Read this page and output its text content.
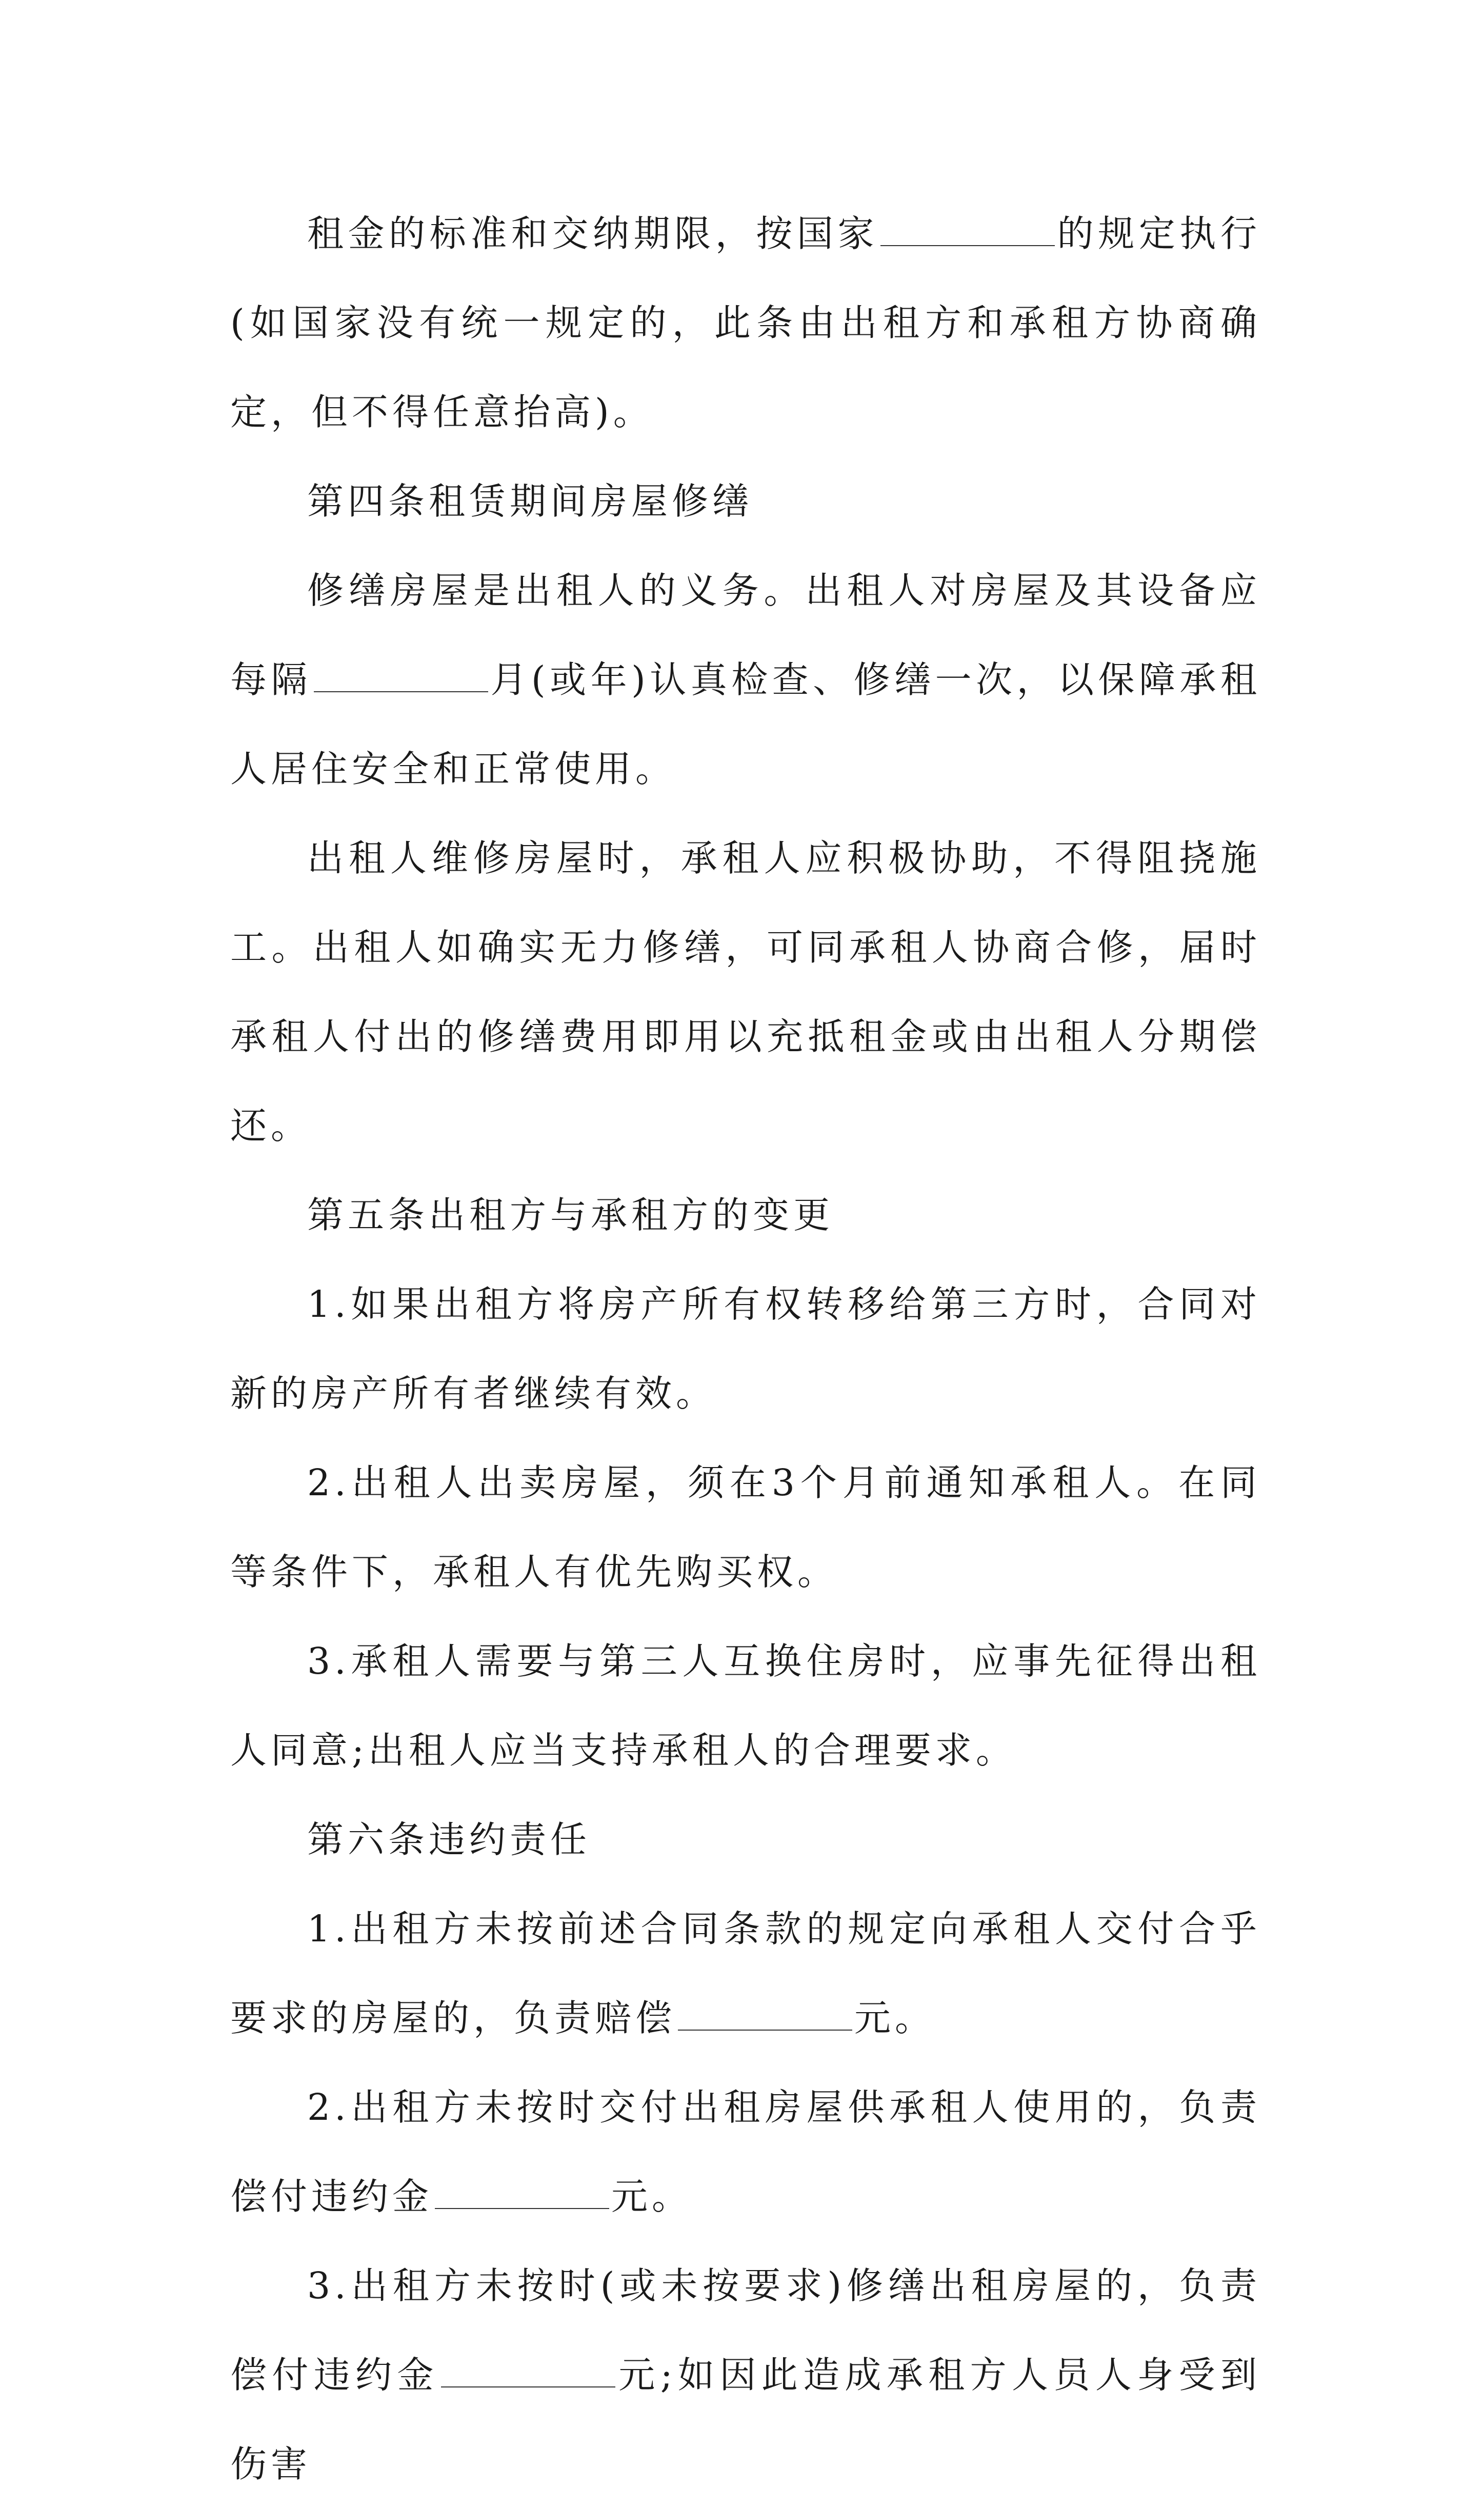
租金的标准和交纳期限，按国家	的规定执行(如国家没有统一规定的，此条由出租方和承租方协商确定，但不得任意抬高)。

第四条租赁期间房屋修缮

修缮房屋是出租人的义务。出租人对房屋及其设备应每隔	月(或年)认真检查、修缮一次，以保障承租人居住安全和正常使用。

出租人维修房屋时，承租人应积极协助，不得阻挠施工。出租人如确实无力修缮，可同承租人协商合修，届时承租人付出的修缮费用即用以充抵租金或由出租人分期偿还。

第五条出租方与承租方的变更

1.如果出租方将房产所有权转移给第三方时，合同对新的房产所有者继续有效。

2.出租人出卖房屋，须在3个月前通知承租人。在同等条件下，承租人有优先购买权。

3.承租人需要与第三人互换住房时，应事先征得出租人同意;出租人应当支持承租人的合理要求。

第六条违约责任

1.出租方未按前述合同条款的规定向承租人交付合乎要求的房屋的，负责赔偿	元。

2.出租方未按时交付出租房屋供承租人使用的，负责偿付违约金	元。

3.出租方未按时(或未按要求)修缮出租房屋的，负责偿付违约金	元;如因此造成承租方人员人身受到伤害
